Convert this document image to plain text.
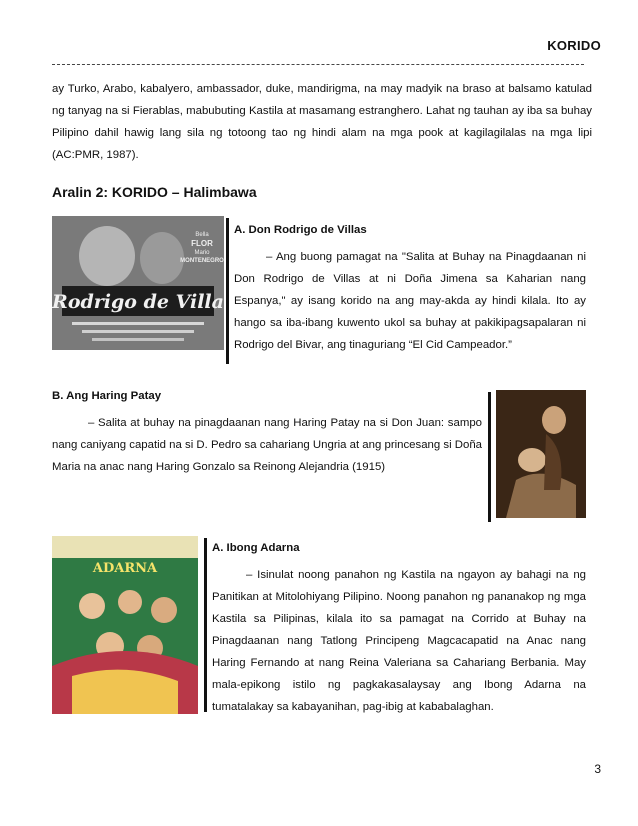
KORIDO
ay Turko, Arabo, kabalyero, ambassador, duke, mandirigma, na may madyik na braso at balsamo katulad ng tanyag na si Fierablas, mabubuting Kastila at masamang estranghero. Lahat ng tauhan ay iba sa buhay Pilipino dahil hawig lang sila ng totoong tao ng hindi alam na mga pook at kagilagilalas na mga lipi (AC:PMR, 1987).
Aralin 2: KORIDO – Halimbawa
Rodrigo de Villa
Bella
FLOR
Mario
MONTENEGRO
A. Don Rodrigo de Villas
– Ang buong pamagat na "Salita at Buhay na Pinagdaanan ni Don Rodrigo de Villas at ni Doña Jimena sa Kaharian nang Espanya," ay isang korido na ang may-akda ay hindi kilala. Ito ay hango sa iba-ibang kuwento ukol sa buhay at pakikipagsapalaran ni Rodrigo del Bivar, ang tinaguriang “El Cid Campeador.”
B. Ang Haring Patay
– Salita at buhay na pinagdaanan nang Haring Patay na si Don Juan: sampo nang caniyang capatid na si D. Pedro sa cahariang Ungria at ang princesang si Doña Maria na anac nang Haring Gonzalo sa Reinong Alejandria (1915)
ADARNA
A. Ibong Adarna
– Isinulat noong panahon ng Kastila na ngayon ay bahagi na ng Panitikan at Mitolohiyang Pilipino. Noong panahon ng pananakop ng mga Kastila sa Pilipinas, kilala ito sa pamagat na Corrido at Buhay na Pinagdaanan nang Tatlong Principeng Magcacapatid na Anac nang Haring Fernando at nang Reina Valeriana sa Cahariang Berbania. May mala-epikong istilo ng pagkakasalaysay ang Ibong Adarna na tumatalakay sa kabayanihan, pag-ibig at kababalaghan.
3
